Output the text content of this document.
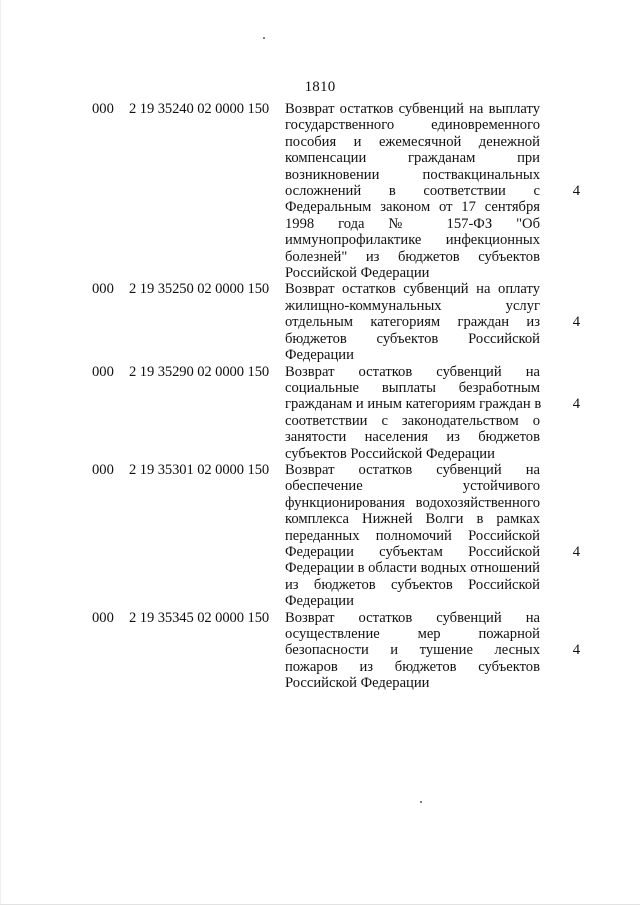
1810
000	2 19 35240 02 0000 150	Возврат остатков субвенций на выплату
государственного единовременного
пособия и ежемесячной денежной
компенсации гражданам при
возникновении поствакцинальных
осложнений в соответствии с
Федеральным законом от 17 сентября
1998 года № 157-ФЗ "Об
иммунопрофилактике инфекционных
болезней" из бюджетов субъектов
Российской Федерации
4
000	2 19 35250 02 0000 150	Возврат остатков субвенций на оплату
жилищно-коммунальных услуг
отдельным категориям граждан из
бюджетов субъектов Российской
Федерации
4
000	2 19 35290 02 0000 150	Возврат остатков субвенций на
социальные выплаты безработным
гражданам и иным категориям граждан в
соответствии с законодательством о
занятости населения из бюджетов
субъектов Российской Федерации
4
000	2 19 35301 02 0000 150	Возврат остатков субвенций на
обеспечение устойчивого
функционирования водохозяйственного
комплекса Нижней Волги в рамках
переданных полномочий Российской
Федерации субъектам Российской
Федерации в области водных отношений
из бюджетов субъектов Российской
Федерации
4
000	2 19 35345 02 0000 150	Возврат остатков субвенций на
осуществление мер пожарной
безопасности и тушение лесных
пожаров из бюджетов субъектов
Российской Федерации
4
